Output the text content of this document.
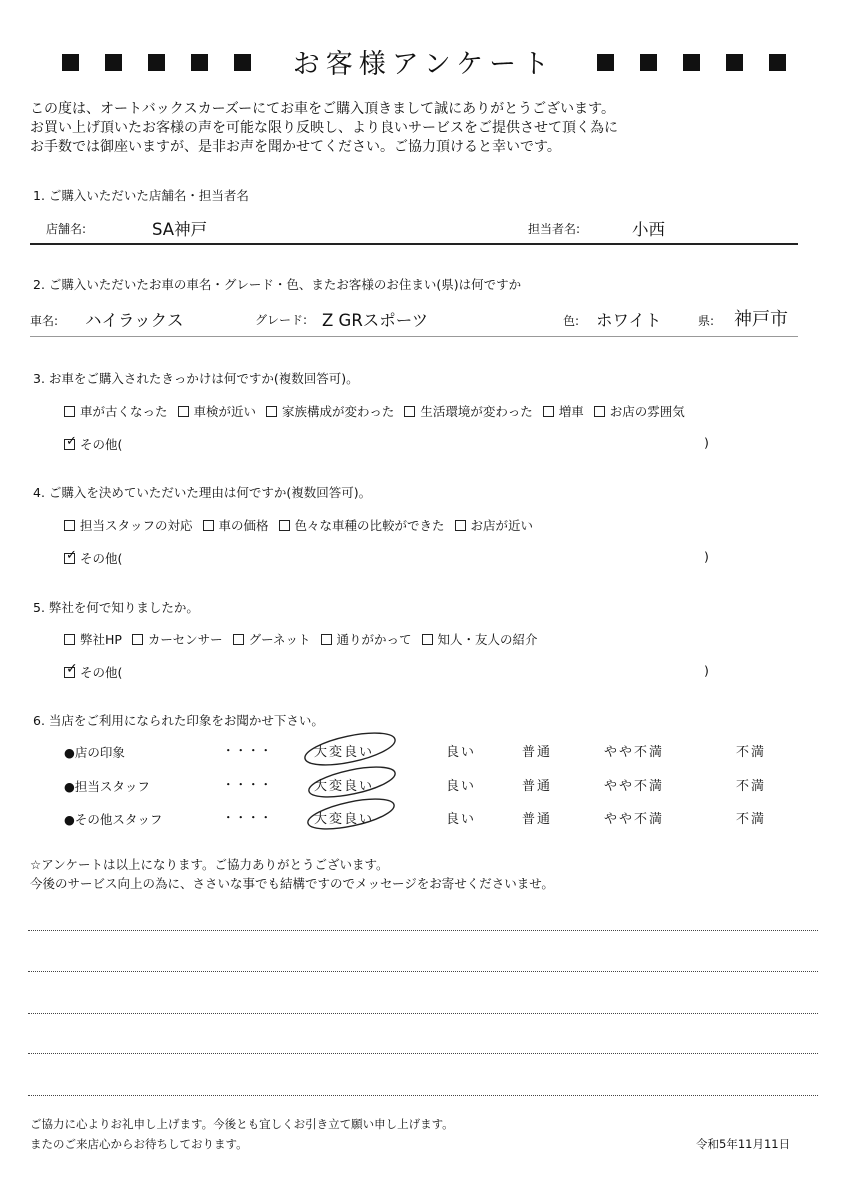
お客様アンケート
この度は、オートバックスカーズーにてお車をご購入頂きまして誠にありがとうございます。
お買い上げ頂いたお客様の声を可能な限り反映し、より良いサービスをご提供させて頂く為に
お手数では御座いますが、是非お声を聞かせてください。ご協力頂けると幸いです。
1. ご購入いただいた店舗名・担当者名
店舗名:	SA神戸	担当者名:	小西
2. ご購入いただいたお車の車名・グレード・色、またお客様のお住まい(県)は何ですか
車名: ハイラックス	グレード: Z GRスポーツ	色: ホワイト	県: 神戸市
3. お車をご購入されたきっかけは何ですか(複数回答可)。
車が古くなった 車検が近い 家族構成が変わった 生活環境が変わった 増車 お店の雰囲気
✓ その他(	)
4. ご購入を決めていただいた理由は何ですか(複数回答可)。
担当スタッフの対応 車の価格 色々な車種の比較ができた お店が近い
✓ その他(	)
5. 弊社を何で知りましたか。
弊社HP カーセンサー グーネット 通りがかって 知人・友人の紹介
✓ その他(	)
6. 当店をご利用になられた印象をお聞かせ下さい。
●店の印象	・・・・	大変良い	良い	普通	やや不満	不満
●担当スタッフ	・・・・	大変良い	良い	普通	やや不満	不満
●その他スタッフ	・・・・	大変良い	良い	普通	やや不満	不満
☆アンケートは以上になります。ご協力ありがとうございます。
今後のサービス向上の為に、ささいな事でも結構ですのでメッセージをお寄せくださいませ。
ご協力に心よりお礼申し上げます。今後とも宜しくお引き立て願い申し上げます。
またのご来店心からお待ちしております。	令和5年11月11日
